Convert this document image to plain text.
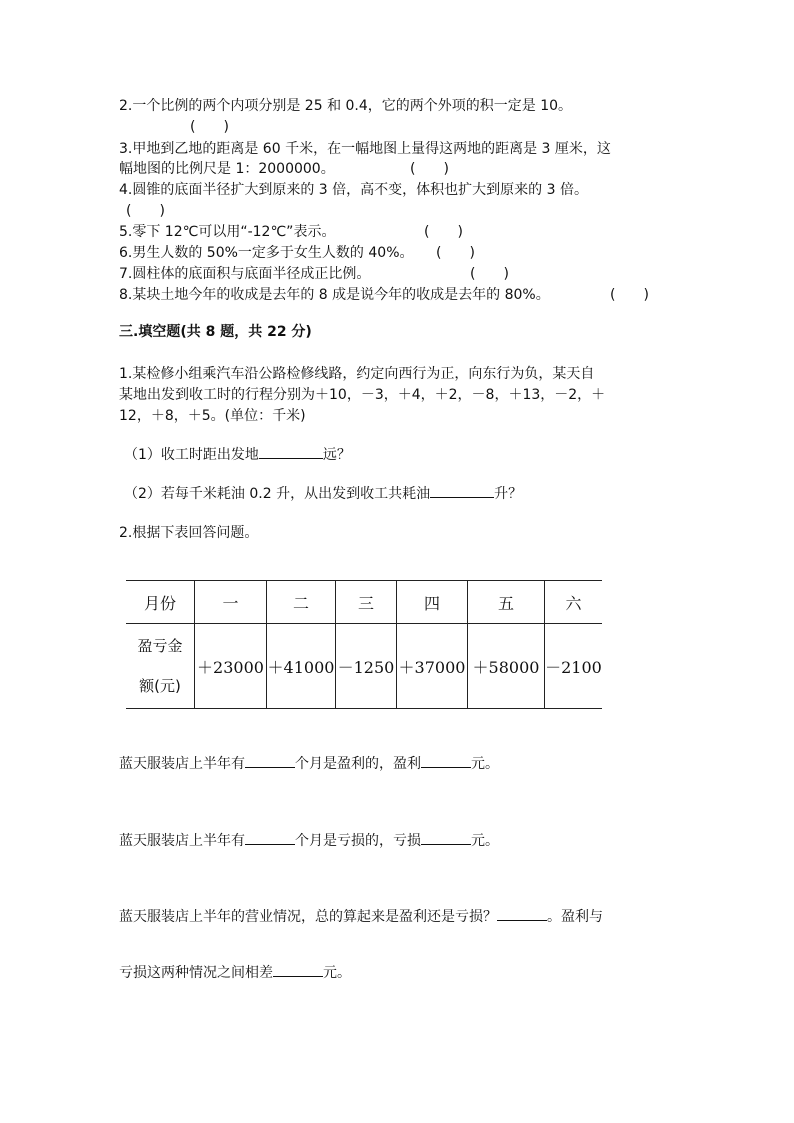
2.一个比例的两个内项分别是 25 和 0.4，它的两个外项的积一定是 10。
(　　)
3.甲地到乙地的距离是 60 千米，在一幅地图上量得这两地的距离是 3 厘米，这
幅地图的比例尺是 1：2000000。	(　　)
4.圆锥的底面半径扩大到原来的 3 倍，高不变，体积也扩大到原来的 3 倍。
(　　)
5.零下 12℃可以用“-12℃”表示。	(　　)
6.男生人数的 50%一定多于女生人数的 40%。 (　　)
7.圆柱体的底面积与底面半径成正比例。	(　　)
8.某块土地今年的收成是去年的 8 成是说今年的收成是去年的 80%。	(　　)
三.填空题(共 8 题，共 22 分)
1.某检修小组乘汽车沿公路检修线路，约定向西行为正，向东行为负，某天自
某地出发到收工时的行程分别为＋10，－3，＋4，＋2，－8，＋13，－2，＋
12，＋8，＋5。(单位：千米)
（1）收工时距出发地	远？
（2）若每千米耗油 0.2 升，从出发到收工共耗油	升？
2.根据下表回答问题。
月份	一	二	三	四	五	六

盈亏金
额(元)	＋23000	＋41000	－1250	＋37000	＋58000	－2100
蓝天服装店上半年有	个月是盈利的，盈利	元。
蓝天服装店上半年有	个月是亏损的，亏损	元。
蓝天服装店上半年的营业情况，总的算起来是盈利还是亏损？	。盈利与
亏损这两种情况之间相差	元。
